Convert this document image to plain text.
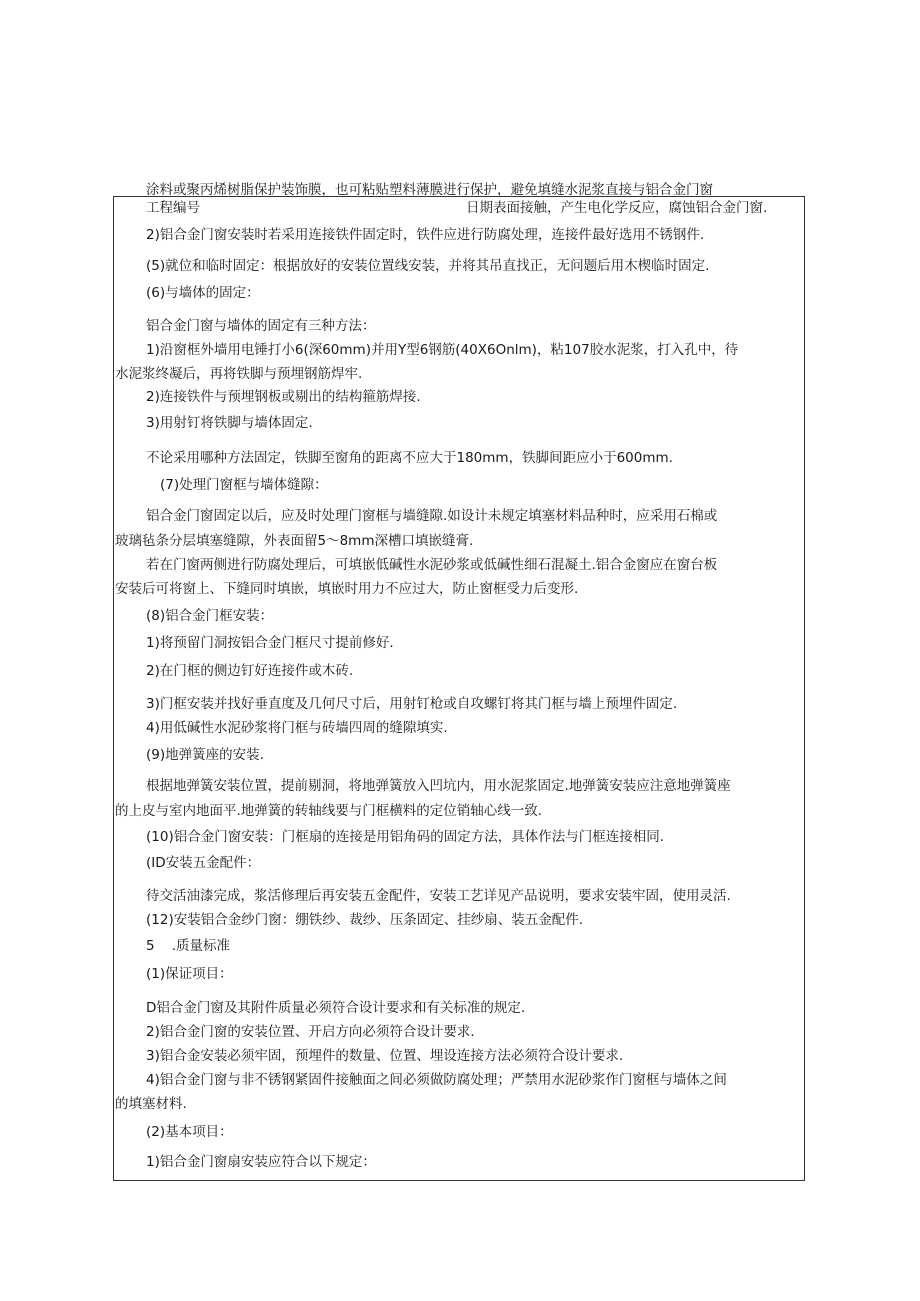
涂料或聚丙烯树脂保护装饰膜，也可粘贴塑料薄膜进行保护，避免填缝水泥浆直接与铝合金门窗
工程编号	日期表面接触，产生电化学反应，腐蚀铝合金门窗.
2)铝合金门窗安装时若采用连接铁件固定时，铁件应进行防腐处理，连接件最好选用不锈钢件.
(5)就位和临时固定：根据放好的安装位置线安装，并将其吊直找正，无问题后用木楔临时固定.
(6)与墙体的固定：
铝合金门窗与墙体的固定有三种方法：
1)沿窗框外墙用电锤打小6(深60mm)并用Y型6钢筋(40X6Onlm)，粘107胶水泥浆，打入孔中，待
水泥浆终凝后，再将铁脚与预埋钢筋焊牢.
2)连接铁件与预埋钢板或剔出的结构箍筋焊接.
3)用射钉将铁脚与墙体固定.
不论采用哪种方法固定，铁脚至窗角的距离不应大于180mm，铁脚间距应小于600mm.
(7)处理门窗框与墙体缝隙：
铝合金门窗固定以后，应及时处理门窗框与墙缝隙.如设计未规定填塞材料品种时，应采用石棉或
玻璃毡条分层填塞缝隙，外表面留5～8mm深槽口填嵌缝膏.
若在门窗两侧进行防腐处理后，可填嵌低碱性水泥砂浆或低碱性细石混凝土.铝合金窗应在窗台板
安装后可将窗上、下缝同时填嵌，填嵌时用力不应过大，防止窗框受力后变形.
(8)铝合金门框安装：
1)将预留门洞按铝合金门框尺寸提前修好.
2)在门框的侧边钉好连接件或木砖.
3)门框安装并找好垂直度及几何尺寸后，用射钉枪或自攻螺钉将其门框与墙上预埋件固定.
4)用低碱性水泥砂浆将门框与砖墙四周的缝隙填实.
(9)地弹簧座的安装.
根据地弹簧安装位置，提前剔洞，将地弹簧放入凹坑内，用水泥浆固定.地弹簧安装应注意地弹簧座
的上皮与室内地面平.地弹簧的转轴线要与门框横料的定位销轴心线一致.
(10)铝合金门窗安装：门框扇的连接是用铝角码的固定方法，具体作法与门框连接相同.
(ID安装五金配件：
待交活油漆完成，浆活修理后再安装五金配件，安装工艺详见产品说明，要求安装牢固，使用灵活.
(12)安装铝合金纱门窗：绷铁纱、裁纱、压条固定、挂纱扇、装五金配件.
5    .质量标准
(1)保证项目：
D铝合金门窗及其附件质量必须符合设计要求和有关标准的规定.
2)铝合金门窗的安装位置、开启方向必须符合设计要求.
3)铝合金安装必须牢固，预埋件的数量、位置、埋设连接方法必须符合设计要求.
4)铝合金门窗与非不锈钢紧固件接触面之间必须做防腐处理；严禁用水泥砂浆作门窗框与墙体之间
的填塞材料.
(2)基本项目：
1)铝合金门窗扇安装应符合以下规定：
